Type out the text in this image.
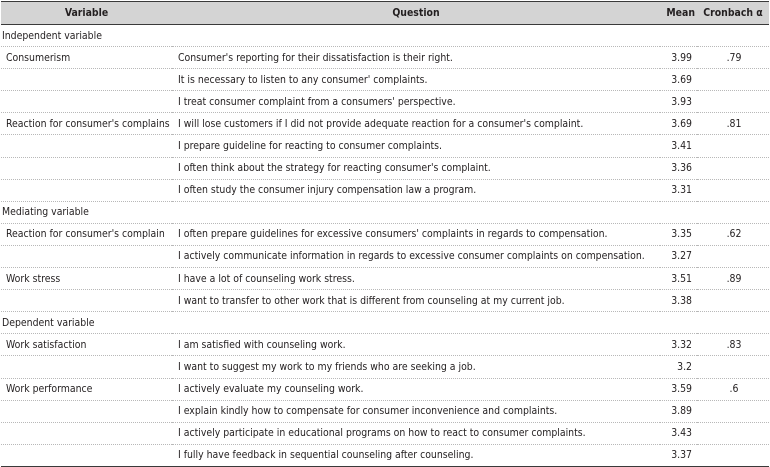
Variable	Question	Mean	Cronbach α
Independent variable			
Consumerism	Consumer's reporting for their dissatisfaction is their right.	3.99	.79
	It is necessary to listen to any consumer' complaints.	3.69	
	I treat consumer complaint from a consumers' perspective.	3.93	
Reaction for consumer's complains	I will lose customers if I did not provide adequate reaction for a consumer's complaint.	3.69	.81
	I prepare guideline for reacting to consumer complaints.	3.41	
	I often think about the strategy for reacting consumer's complaint.	3.36	
	I often study the consumer injury compensation law a program.	3.31	
Mediating variable			
Reaction for consumer's complain	I often prepare guidelines for excessive consumers' complaints in regards to compensation.	3.35	.62
	I actively communicate information in regards to excessive consumer complaints on compensation.	3.27	
Work stress	I have a lot of counseling work stress.	3.51	.89
	I want to transfer to other work that is different from counseling at my current job.	3.38	
Dependent variable			
Work satisfaction	I am satisfied with counseling work.	3.32	.83
	I want to suggest my work to my friends who are seeking a job.	3.2	
Work performance	I actively evaluate my counseling work.	3.59	.6
	I explain kindly how to compensate for consumer inconvenience and complaints.	3.89	
	I actively participate in educational programs on how to react to consumer complaints.	3.43	
	I fully have feedback in sequential counseling after counseling.	3.37	
